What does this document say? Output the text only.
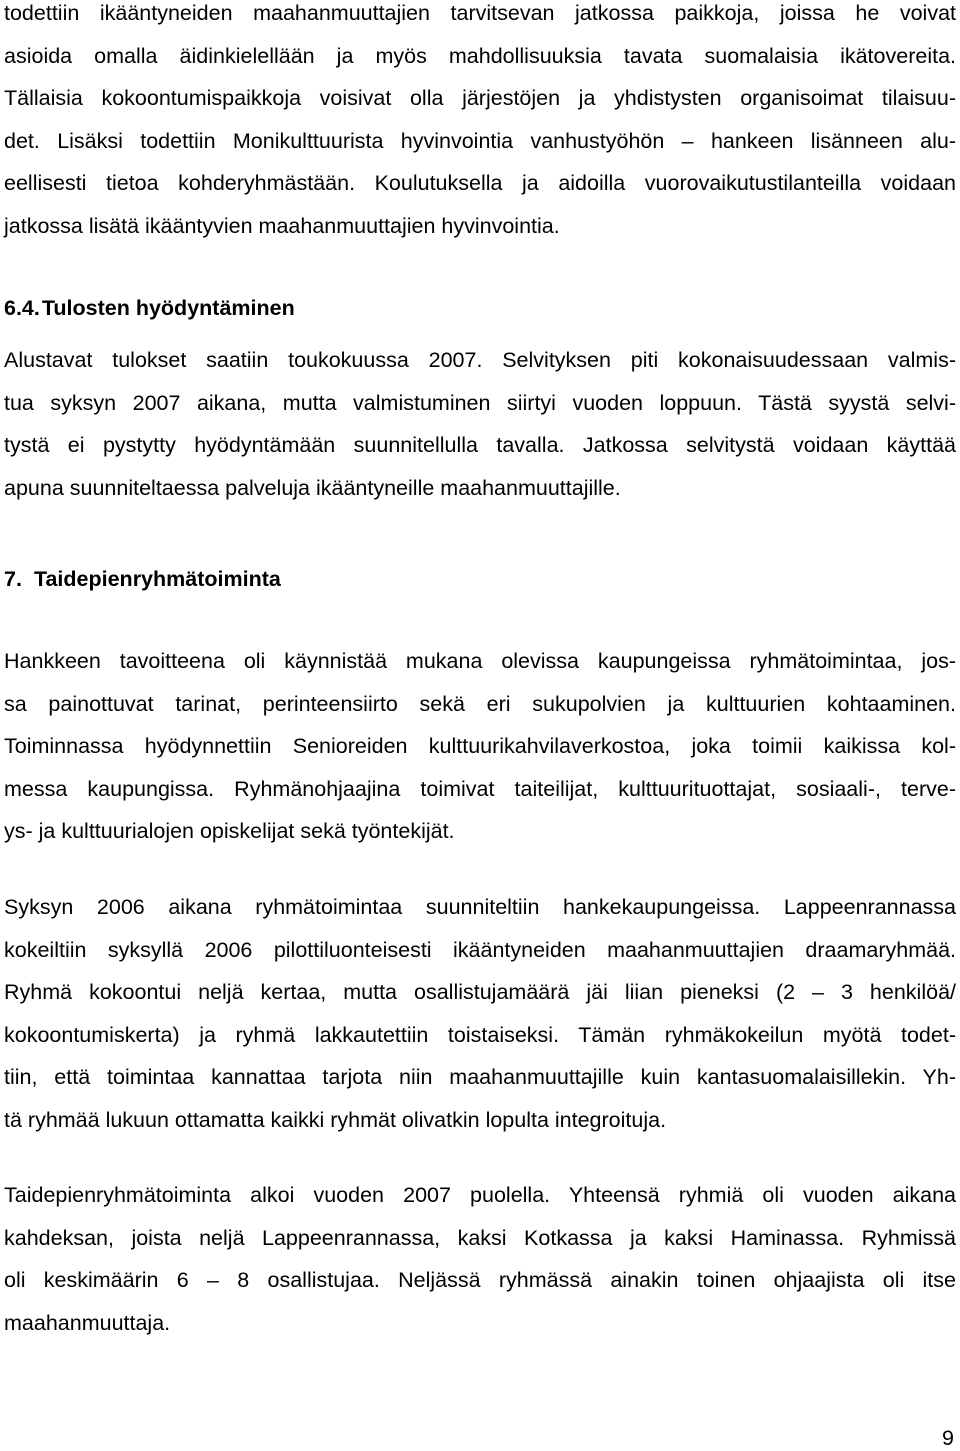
todettiin ikääntyneiden maahanmuuttajien tarvitsevan jatkossa paikkoja, joissa he voivat
asioida omalla äidinkielellään ja myös mahdollisuuksia tavata suomalaisia ikätovereita.
Tällaisia kokoontumispaikkoja voisivat olla järjestöjen ja yhdistysten organisoimat tilaisuu-
det. Lisäksi todettiin Monikulttuurista hyvinvointia vanhustyöhön – hankeen lisänneen alu-
eellisesti tietoa kohderyhmästään. Koulutuksella ja aidoilla vuorovaikutustilanteilla voidaan
jatkossa lisätä ikääntyvien maahanmuuttajien hyvinvointia.
6.4.Tulosten hyödyntäminen
Alustavat tulokset saatiin toukokuussa 2007. Selvityksen piti kokonaisuudessaan valmis-
tua syksyn 2007 aikana, mutta valmistuminen siirtyi vuoden loppuun. Tästä syystä selvi-
tystä ei pystytty hyödyntämään suunnitellulla tavalla. Jatkossa selvitystä voidaan käyttää
apuna suunniteltaessa palveluja ikääntyneille maahanmuuttajille.
7. Taidepienryhmätoiminta
Hankkeen tavoitteena oli käynnistää mukana olevissa kaupungeissa ryhmätoimintaa, jos-
sa painottuvat tarinat, perinteensiirto sekä eri sukupolvien ja kulttuurien kohtaaminen.
Toiminnassa hyödynnettiin Senioreiden kulttuurikahvilaverkostoa, joka toimii kaikissa kol-
messa kaupungissa. Ryhmänohjaajina toimivat taiteilijat, kulttuurituottajat, sosiaali-, terve-
ys- ja kulttuurialojen opiskelijat sekä työntekijät.
Syksyn 2006 aikana ryhmätoimintaa suunniteltiin hankekaupungeissa. Lappeenrannassa
kokeiltiin syksyllä 2006 pilottiluonteisesti ikääntyneiden maahanmuuttajien draamaryhmää.
Ryhmä kokoontui neljä kertaa, mutta osallistujamäärä jäi liian pieneksi (2 – 3 henkilöä/
kokoontumiskerta) ja ryhmä lakkautettiin toistaiseksi. Tämän ryhmäkokeilun myötä todet-
tiin, että toimintaa kannattaa tarjota niin maahanmuuttajille kuin kantasuomalaisillekin. Yh-
tä ryhmää lukuun ottamatta kaikki ryhmät olivatkin lopulta integroituja.
Taidepienryhmätoiminta alkoi vuoden 2007 puolella. Yhteensä ryhmiä oli vuoden aikana
kahdeksan, joista neljä Lappeenrannassa, kaksi Kotkassa ja kaksi Haminassa. Ryhmissä
oli keskimäärin 6 – 8 osallistujaa. Neljässä ryhmässä ainakin toinen ohjaajista oli itse
maahanmuuttaja.
9
